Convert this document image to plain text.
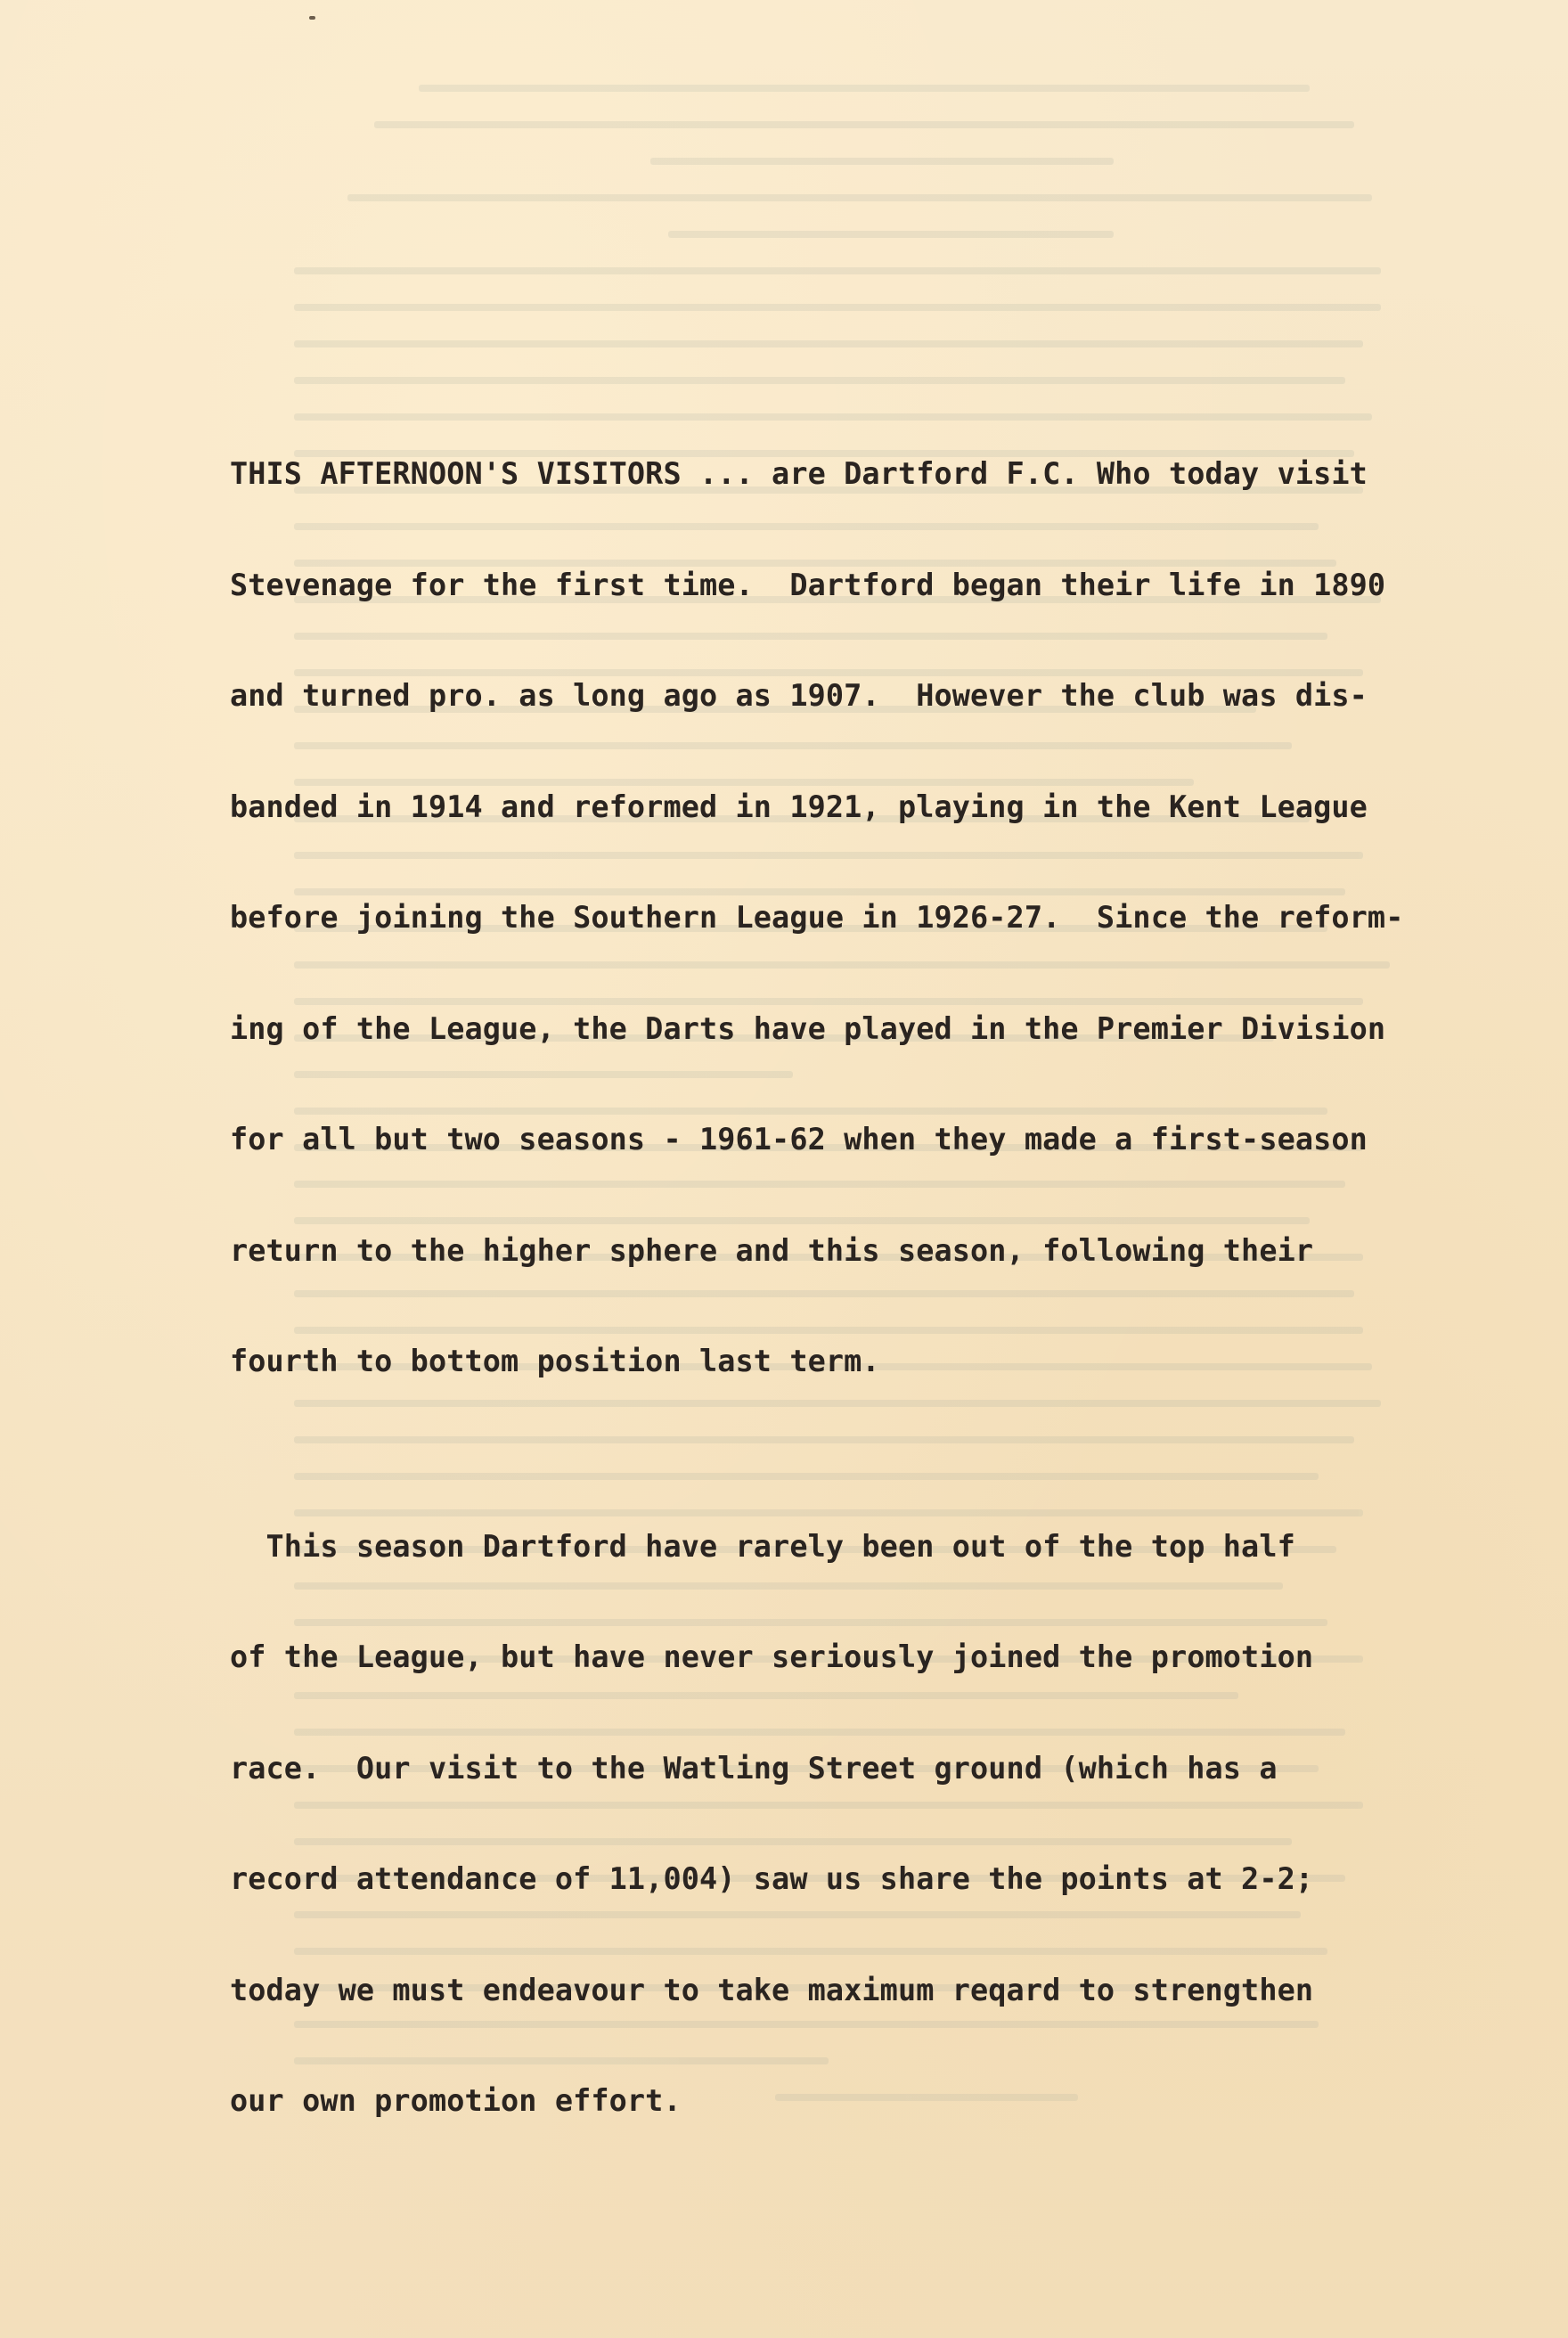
THIS AFTERNOON'S VISITORS ... are Dartford F.C. Who today visit

Stevenage for the first time.  Dartford began their life in 1890

and turned pro. as long ago as 1907.  However the club was dis-

banded in 1914 and reformed in 1921, playing in the Kent League

before joining the Southern League in 1926-27.  Since the reform-

ing of the League, the Darts have played in the Premier Division

for all but two seasons - 1961-62 when they made a first-season

return to the higher sphere and this season, following their

fourth to bottom position last term.

This season Dartford have rarely been out of the top half

of the League, but have never seriously joined the promotion

race.  Our visit to the Watling Street ground (which has a

record attendance of 11,004) saw us share the points at 2-2;

today we must endeavour to take maximum reqard to strengthen

our own promotion effort.
